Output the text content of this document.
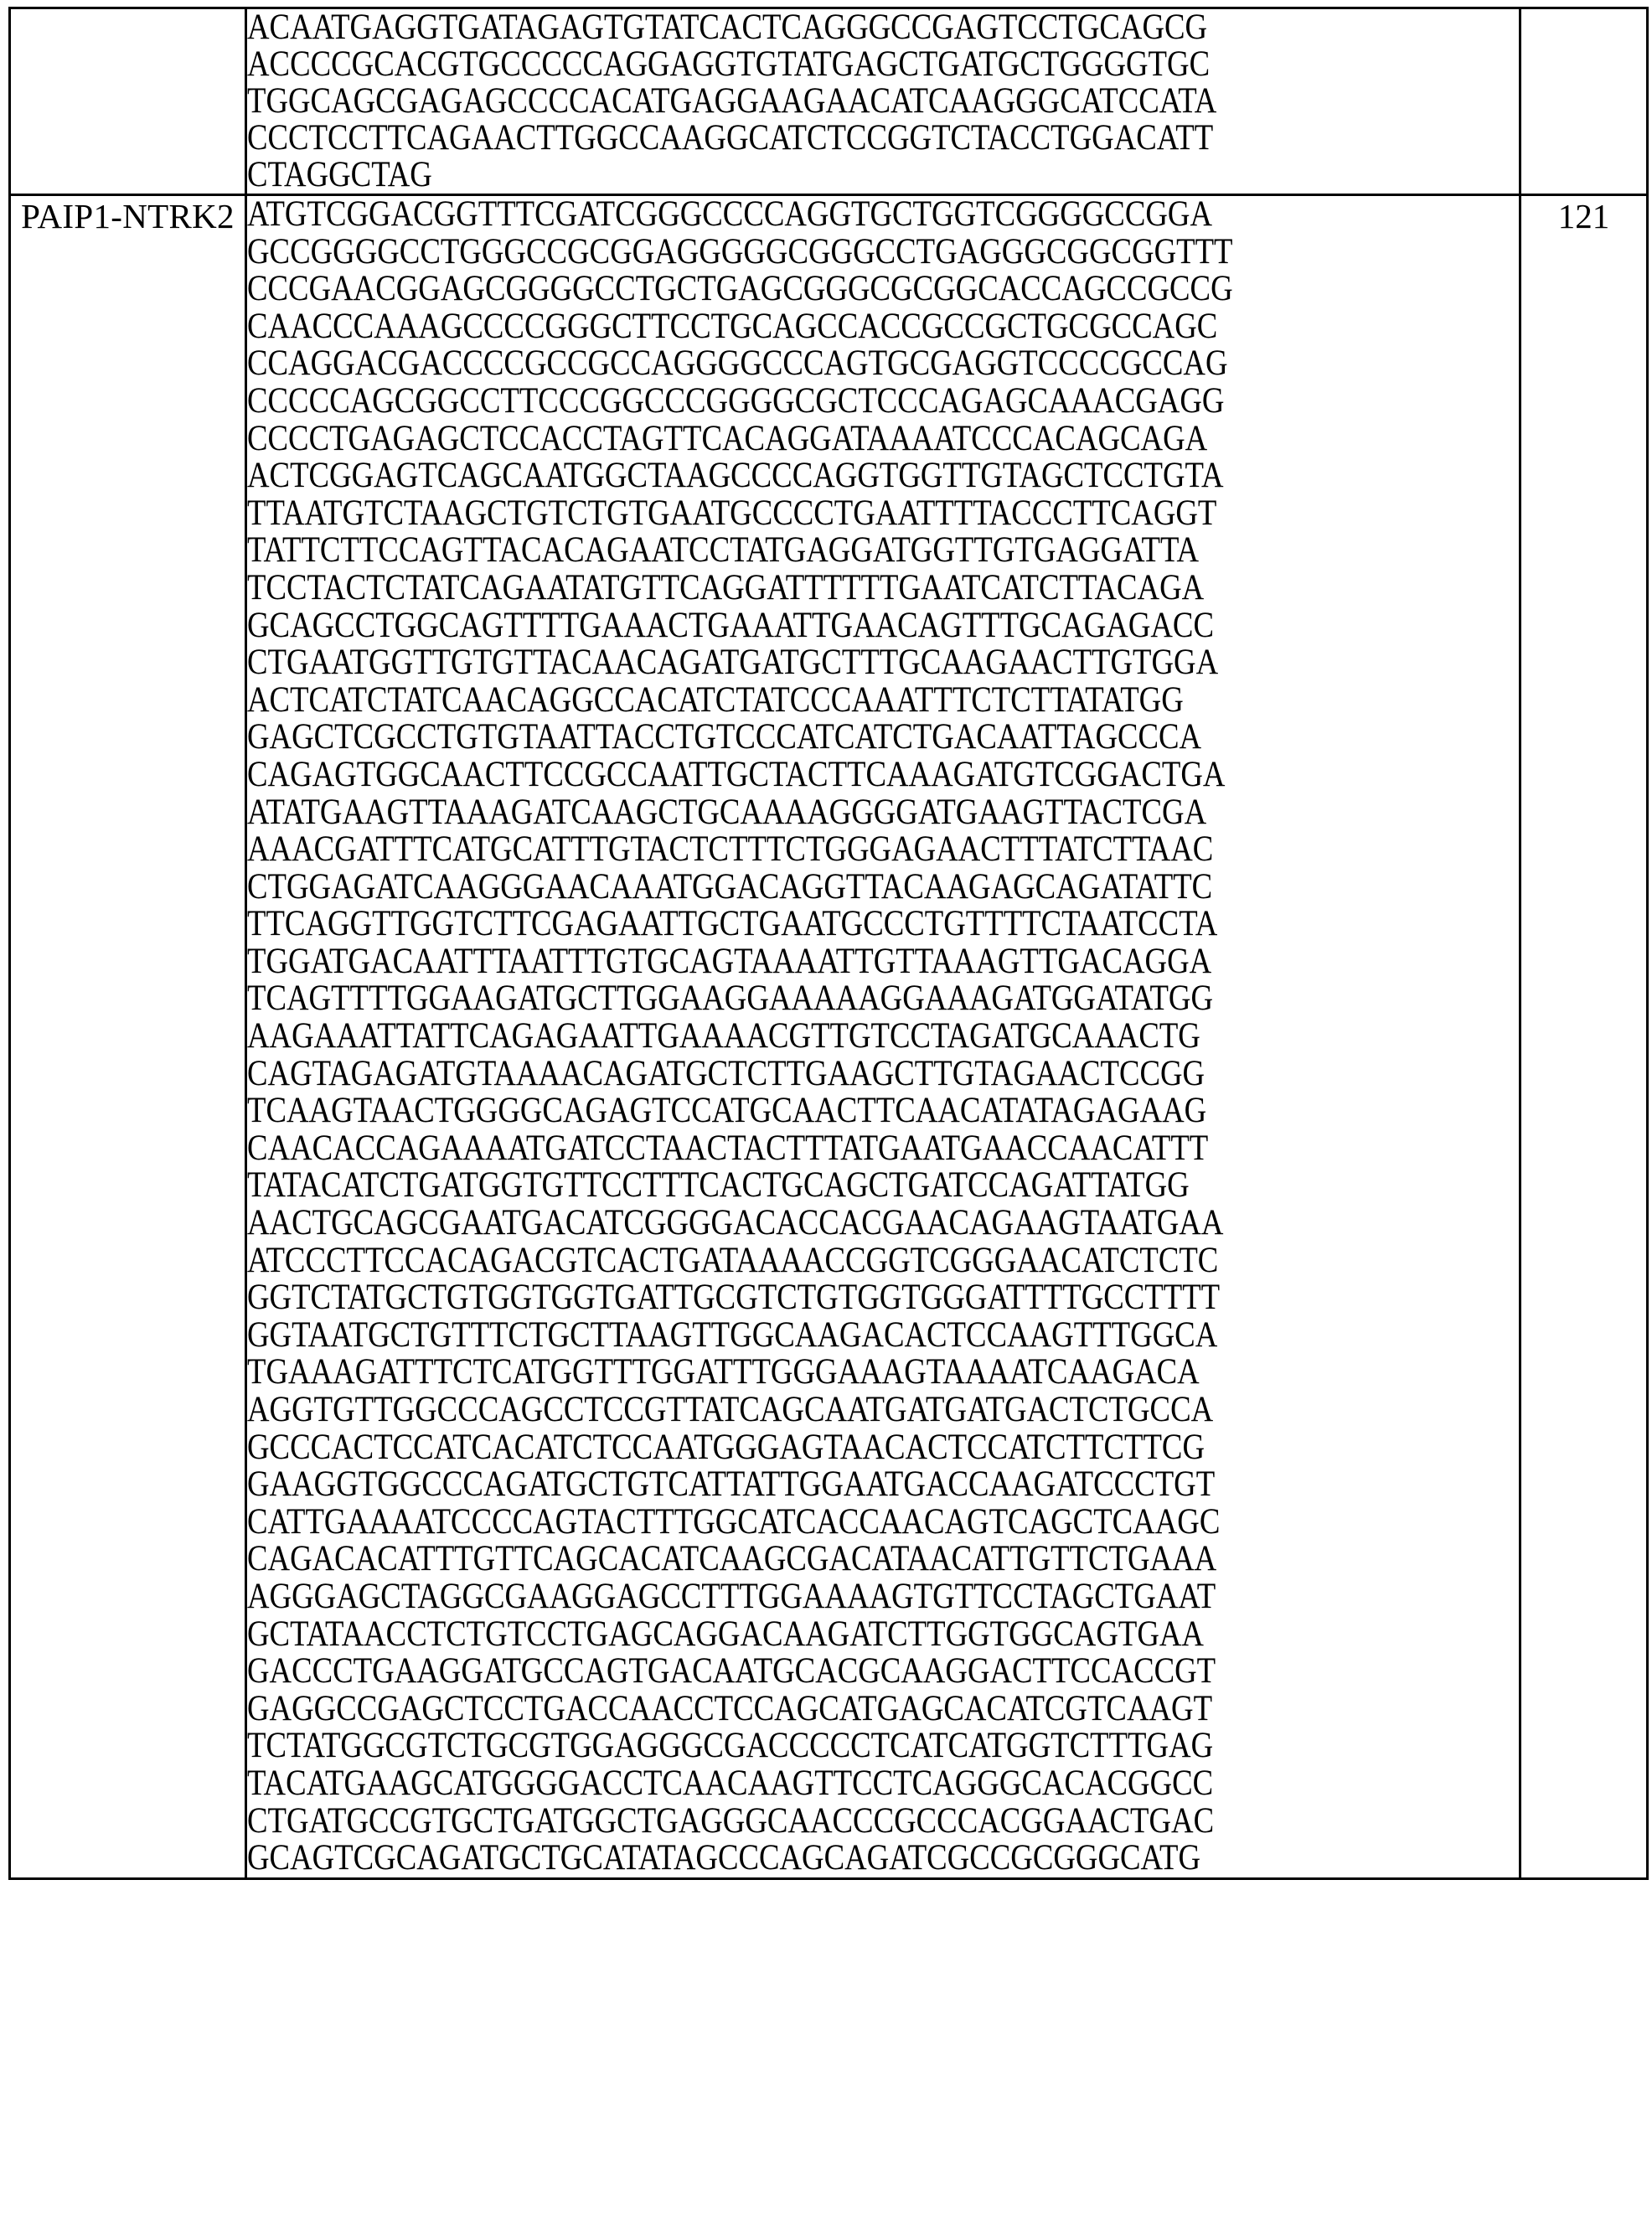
	ACAATGAGGTGATAGAGTGTATCACTCAGGGCCGAGTCCTGCAGCG
ACCCCGCACGTGCCCCCAGGAGGTGTATGAGCTGATGCTGGGGTGC
TGGCAGCGAGAGCCCCACATGAGGAAGAACATCAAGGGCATCCATA
CCCTCCTTCAGAACTTGGCCAAGGCATCTCCGGTCTACCTGGACATT
CTAGGCTAG	

PAIP1-NTRK2	ATGTCGGACGGTTTCGATCGGGCCCCAGGTGCTGGTCGGGGCCGGA
GCCGGGGCCTGGGCCGCGGAGGGGGCGGGCCTGAGGGCGGCGGTTT
CCCGAACGGAGCGGGGCCTGCTGAGCGGGCGCGGCACCAGCCGCCG
CAACCCAAAGCCCCGGGCTTCCTGCAGCCACCGCCGCTGCGCCAGC
CCAGGACGACCCCGCCGCCAGGGGCCCAGTGCGAGGTCCCCGCCAG
CCCCCAGCGGCCTTCCCGGCCCGGGGCGCTCCCAGAGCAAACGAGG
CCCCTGAGAGCTCCACCTAGTTCACAGGATAAAATCCCACAGCAGA
ACTCGGAGTCAGCAATGGCTAAGCCCCAGGTGGTTGTAGCTCCTGTA
TTAATGTCTAAGCTGTCTGTGAATGCCCCTGAATTTTACCCTTCAGGT
TATTCTTCCAGTTACACAGAATCCTATGAGGATGGTTGTGAGGATTA
TCCTACTCTATCAGAATATGTTCAGGATTTTTTGAATCATCTTACAGA
GCAGCCTGGCAGTTTTGAAACTGAAATTGAACAGTTTGCAGAGACC
CTGAATGGTTGTGTTACAACAGATGATGCTTTGCAAGAACTTGTGGA
ACTCATCTATCAACAGGCCACATCTATCCCAAATTTCTCTTATATGG
GAGCTCGCCTGTGTAATTACCTGTCCCATCATCTGACAATTAGCCCA
CAGAGTGGCAACTTCCGCCAATTGCTACTTCAAAGATGTCGGACTGA
ATATGAAGTTAAAGATCAAGCTGCAAAAGGGGATGAAGTTACTCGA
AAACGATTTCATGCATTTGTACTCTTTCTGGGAGAACTTTATCTTAAC
CTGGAGATCAAGGGAACAAATGGACAGGTTACAAGAGCAGATATTC
TTCAGGTTGGTCTTCGAGAATTGCTGAATGCCCTGTTTTCTAATCCTA
TGGATGACAATTTAATTTGTGCAGTAAAATTGTTAAAGTTGACAGGA
TCAGTTTTGGAAGATGCTTGGAAGGAAAAAGGAAAGATGGATATGG
AAGAAATTATTCAGAGAATTGAAAACGTTGTCCTAGATGCAAACTG
CAGTAGAGATGTAAAACAGATGCTCTTGAAGCTTGTAGAACTCCGG
TCAAGTAACTGGGGCAGAGTCCATGCAACTTCAACATATAGAGAAG
CAACACCAGAAAATGATCCTAACTACTTTATGAATGAACCAACATTT
TATACATCTGATGGTGTTCCTTTCACTGCAGCTGATCCAGATTATGG
AACTGCAGCGAATGACATCGGGGACACCACGAACAGAAGTAATGAA
ATCCCTTCCACAGACGTCACTGATAAAACCGGTCGGGAACATCTCTC
GGTCTATGCTGTGGTGGTGATTGCGTCTGTGGTGGGATTTTGCCTTTT
GGTAATGCTGTTTCTGCTTAAGTTGGCAAGACACTCCAAGTTTGGCA
TGAAAGATTTCTCATGGTTTGGATTTGGGAAAGTAAAATCAAGACA
AGGTGTTGGCCCAGCCTCCGTTATCAGCAATGATGATGACTCTGCCA
GCCCACTCCATCACATCTCCAATGGGAGTAACACTCCATCTTCTTCG
GAAGGTGGCCCAGATGCTGTCATTATTGGAATGACCAAGATCCCTGT
CATTGAAAATCCCCAGTACTTTGGCATCACCAACAGTCAGCTCAAGC
CAGACACATTTGTTCAGCACATCAAGCGACATAACATTGTTCTGAAA
AGGGAGCTAGGCGAAGGAGCCTTTGGAAAAGTGTTCCTAGCTGAAT
GCTATAACCTCTGTCCTGAGCAGGACAAGATCTTGGTGGCAGTGAA
GACCCTGAAGGATGCCAGTGACAATGCACGCAAGGACTTCCACCGT
GAGGCCGAGCTCCTGACCAACCTCCAGCATGAGCACATCGTCAAGT
TCTATGGCGTCTGCGTGGAGGGCGACCCCCTCATCATGGTCTTTGAG
TACATGAAGCATGGGGACCTCAACAAGTTCCTCAGGGCACACGGCC
CTGATGCCGTGCTGATGGCTGAGGGCAACCCGCCCACGGAACTGAC
GCAGTCGCAGATGCTGCATATAGCCCAGCAGATCGCCGCGGGCATG
	121
